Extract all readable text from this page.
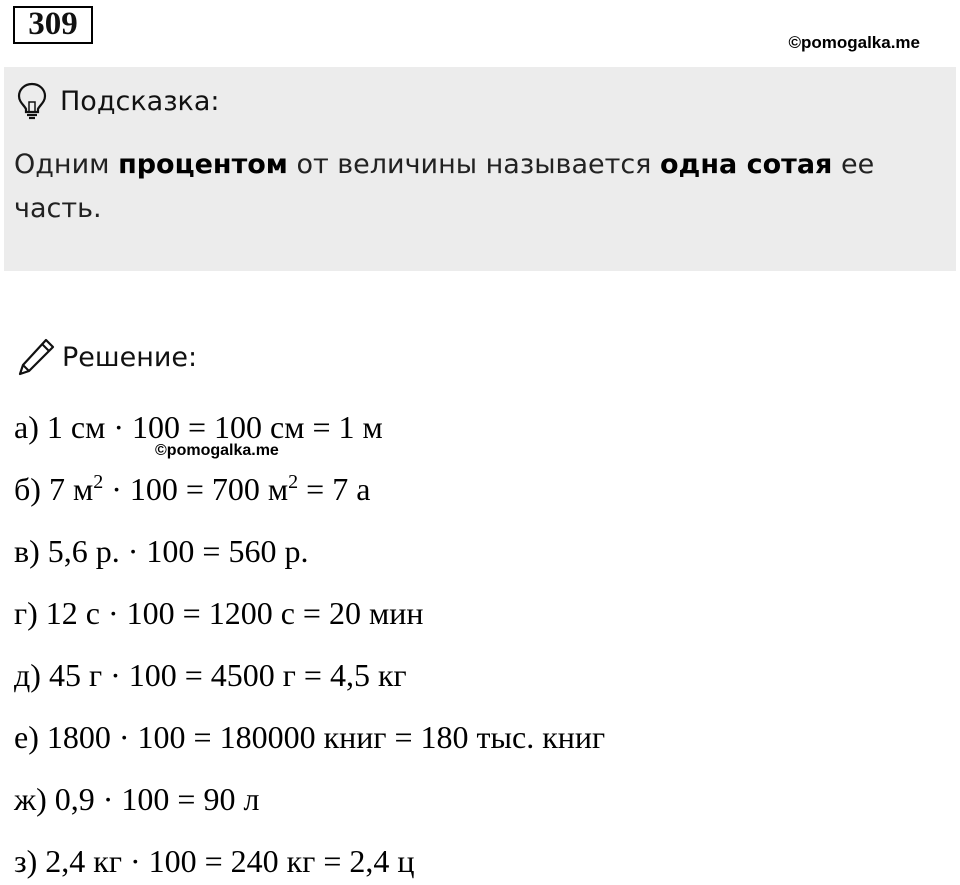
309
©pomogalka.me
Подсказка:
Одним процентом от величины называется одна сотая ее часть.
Решение:
а) 1 см · 100 = 100 см = 1 м
©pomogalka.me
б) 7 $м^2 \cdot 100 = 700$ $м^2 = 7$ а
в) 5,6 р. · 100 = 560 р.
г) 12 с · 100 = 1200 с = 20 мин
д) 45 г · 100 = 4500 г = 4,5 кг
е) 1800 · 100 = 180000 книг = 180 тыс. книг
ж) 0,9 · 100 = 90 л
з) 2,4 кг · 100 = 240 кг = 2,4 ц
